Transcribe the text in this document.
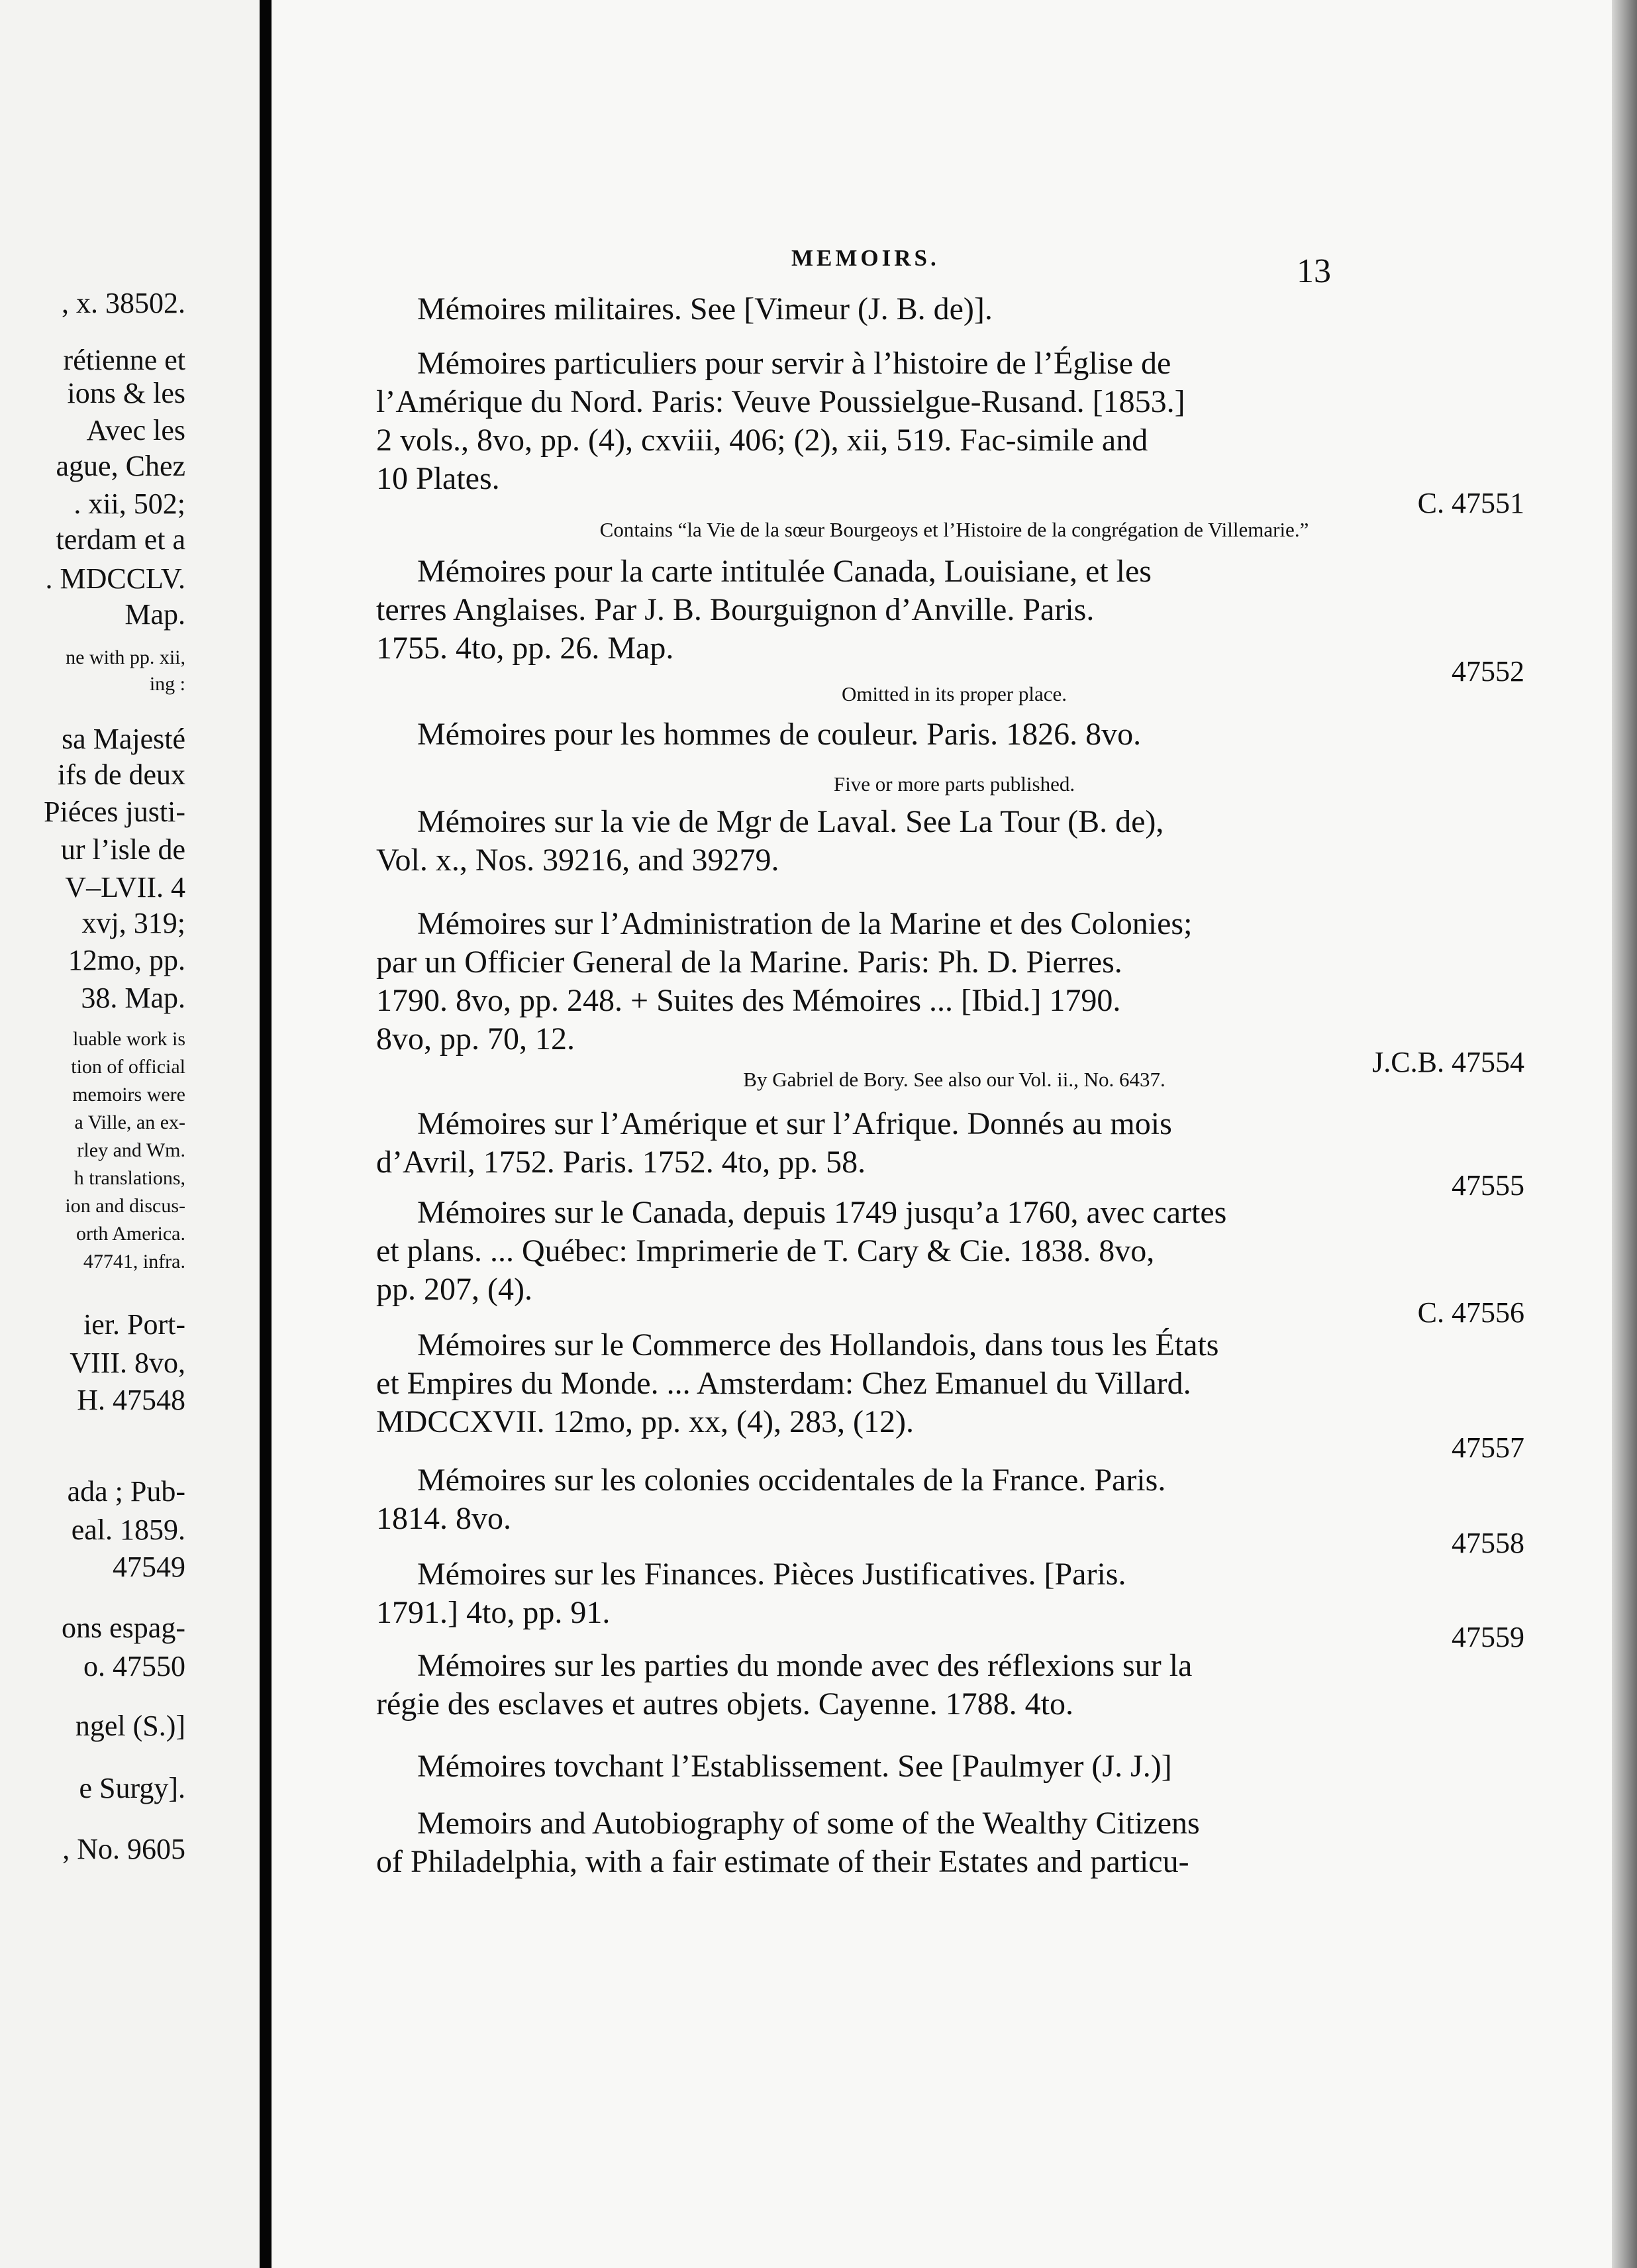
, x. 38502.
rétienne et
ions & les
Avec les
ague, Chez
. xii, 502;
terdam et a
. MDCCLV.
Map.
ne with pp. xii,
ing :
sa Majesté
ifs de deux
Piéces justi-
ur l’isle de
V–LVII. 4
xvj, 319;
12mo, pp.
38. Map.
luable work is
tion of official
memoirs were
a Ville, an ex-
rley and Wm.
h translations,
ion and discus-
orth America.
47741, infra.
ier. Port-
VIII. 8vo,
H. 47548
ada ; Pub-
eal. 1859.
47549
ons espag-
o. 47550
ngel (S.)]
e Surgy].
, No. 9605
MEMOIRS.	13
Mémoires militaires. See [Vimeur (J. B. de)].
Mémoires particuliers pour servir à l’histoire de l’Église de
l’Amérique du Nord. Paris: Veuve Poussielgue-Rusand. [1853.]
2 vols., 8vo, pp. (4), cxviii, 406; (2), xii, 519. Fac-simile and
10 Plates.
Mémoires pour la carte intitulée Canada, Louisiane, et les
terres Anglaises. Par J. B. Bourguignon d’Anville. Paris.
1755. 4to, pp. 26. Map.
Mémoires pour les hommes de couleur. Paris. 1826. 8vo.
Mémoires sur la vie de Mgr de Laval. See La Tour (B. de),
Vol. x., Nos. 39216, and 39279.
Mémoires sur l’Administration de la Marine et des Colonies;
par un Officier General de la Marine. Paris: Ph. D. Pierres.
1790. 8vo, pp. 248. + Suites des Mémoires ... [Ibid.] 1790.
8vo, pp. 70, 12.
Mémoires sur l’Amérique et sur l’Afrique. Donnés au mois
d’Avril, 1752. Paris. 1752. 4to, pp. 58.
Mémoires sur le Canada, depuis 1749 jusqu’a 1760, avec cartes
et plans. ... Québec: Imprimerie de T. Cary & Cie. 1838. 8vo,
pp. 207, (4).
Mémoires sur le Commerce des Hollandois, dans tous les États
et Empires du Monde. ... Amsterdam: Chez Emanuel du Villard.
MDCCXVII. 12mo, pp. xx, (4), 283, (12).
Mémoires sur les colonies occidentales de la France. Paris.
1814. 8vo.
Mémoires sur les Finances. Pièces Justificatives. [Paris.
1791.] 4to, pp. 91.
Mémoires sur les parties du monde avec des réflexions sur la
régie des esclaves et autres objets. Cayenne. 1788. 4to.
Mémoires tovchant l’Establissement. See [Paulmyer (J. J.)]
Memoirs and Autobiography of some of the Wealthy Citizens
of Philadelphia, with a fair estimate of their Estates and particu-
Contains “la Vie de la sœur Bourgeoys et l’Histoire de la congrégation de Villemarie.”
Omitted in its proper place.
Five or more parts published.
By Gabriel de Bory. See also our Vol. ii., No. 6437.
C. 47551
47552
J.C.B. 47554
47555
C. 47556
47557
47558
47559
